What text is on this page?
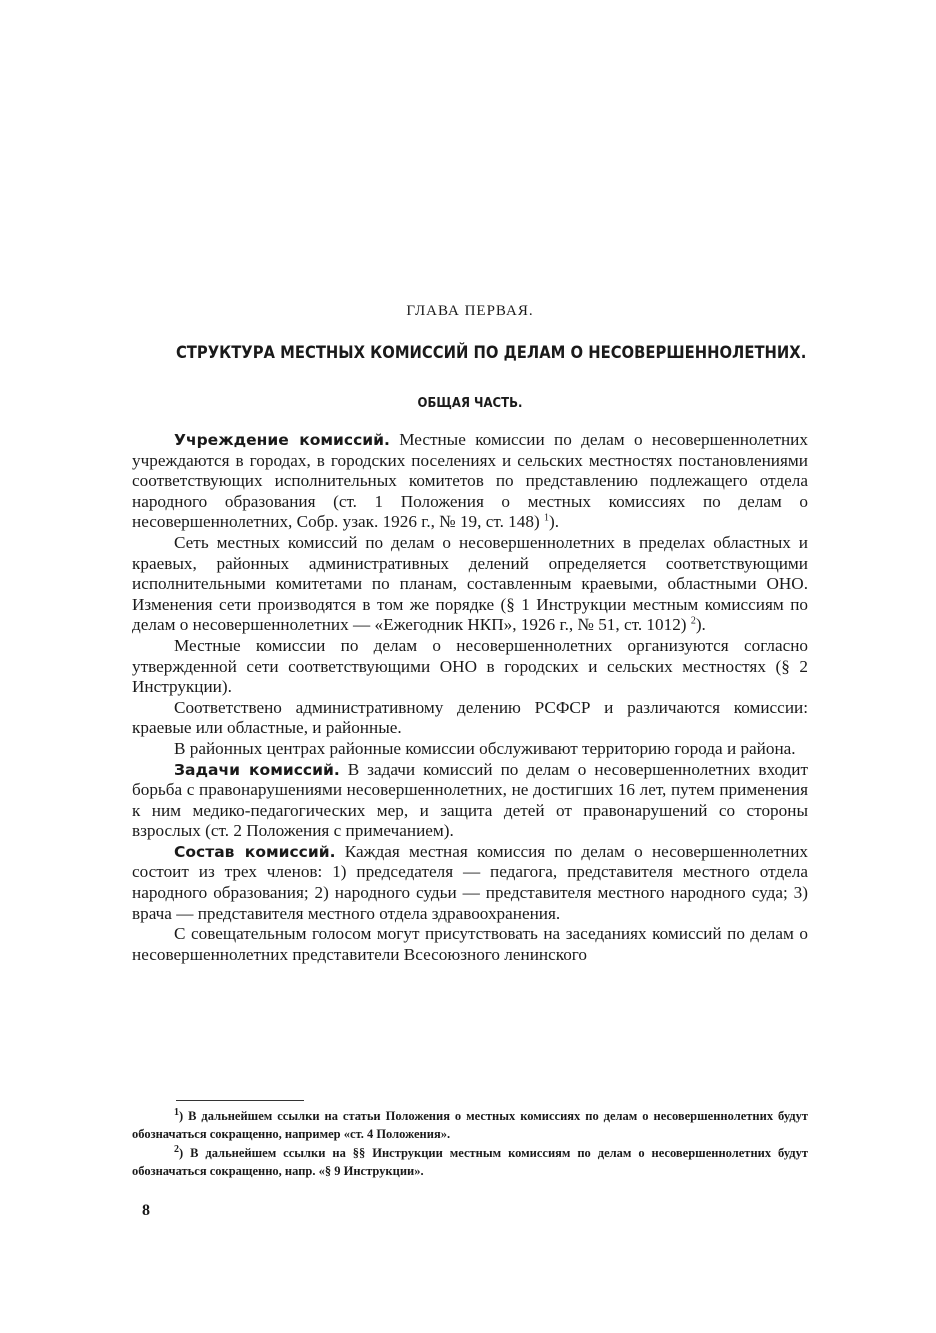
ГЛАВА ПЕРВАЯ.
СТРУКТУРА МЕСТНЫХ КОМИССИЙ ПО ДЕЛАМ О НЕСОВЕРШЕННОЛЕТНИХ.
ОБЩАЯ ЧАСТЬ.

Учреждение комиссий. Местные комиссии по делам о несовершеннолетних учреждаются в городах, в городских поселениях и сельских местностях постановлениями соответствующих исполнительных комитетов по представлению подлежащего отдела народного образования (ст. 1 Положения о местных комиссиях по делам о несовершеннолетних, Собр. узак. 1926 г., № 19, ст. 148) $^1$).

Сеть местных комиссий по делам о несовершеннолетних в пределах областных и краевых, районных административных делений определяется соответствующими исполнительными комитетами по планам, составленным краевыми, областными ОНО. Изменения сети производятся в том же порядке (§ 1 Инструкции местным комиссиям по делам о несовершеннолетних — «Ежегодник НКП», 1926 г., № 51, ст. 1012) $^2$).

Местные комиссии по делам о несовершеннолетних организуются согласно утвержденной сети соответствующими ОНО в городских и сельских местностях (§ 2 Инструкции).

Соответствено административному делению РСФСР и различаются комиссии: краевые или областные, и районные.

В районных центрах районные комиссии обслуживают территорию города и района.

Задачи комиссий. В задачи комиссий по делам о несовершеннолетних входит борьба с правонарушениями несовершеннолетних, не достигших 16 лет, путем применения к ним медико-педагогических мер, и защита детей от правонарушений со стороны взрослых (ст. 2 Положения с примечанием).

Состав комиссий. Каждая местная комиссия по делам о несовершеннолетних состоит из трех членов: 1) председателя — педагога, представителя местного отдела народного образования; 2) народного судьи — представителя местного народного суда; 3) врача — представителя местного отдела здравоохранения.

С совещательным голосом могут присутствовать на заседаниях комиссий по делам о несовершеннолетних представители Всесоюзного ленинского

$^1$) В дальнейшем ссылки на статьи Положения о местных комиссиях по делам о несовершеннолетних будут обозначаться сокращенно, например «ст. 4 Положения».

$^2$) В дальнейшем ссылки на §§ Инструкции местным комиссиям по делам о несовершеннолетних будут обозначаться сокращенно, напр. «§ 9 Инструкции».

8
